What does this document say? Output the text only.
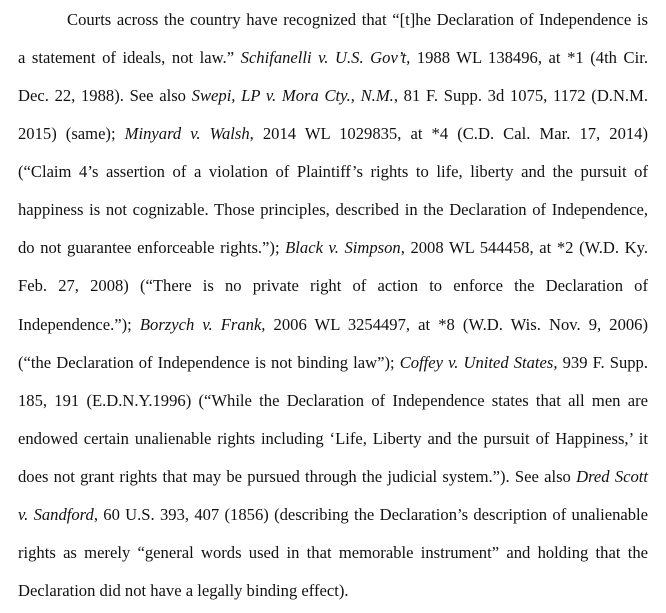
Courts across the country have recognized that “[t]he Declaration of Independence is
a statement of ideals, not law.” Schifanelli v. U.S. Gov’t, 1988 WL 138496, at *1 (4th Cir.
Dec. 22, 1988). See also Swepi, LP v. Mora Cty., N.M., 81 F. Supp. 3d 1075, 1172 (D.N.M.
2015) (same); Minyard v. Walsh, 2014 WL 1029835, at *4 (C.D. Cal. Mar. 17, 2014)
(“Claim 4’s assertion of a violation of Plaintiff’s rights to life, liberty and the pursuit of
happiness is not cognizable. Those principles, described in the Declaration of Independence,
do not guarantee enforceable rights.”); Black v. Simpson, 2008 WL 544458, at *2 (W.D. Ky.
Feb. 27, 2008) (“There is no private right of action to enforce the Declaration of
Independence.”); Borzych v. Frank, 2006 WL 3254497, at *8 (W.D. Wis. Nov. 9, 2006)
(“the Declaration of Independence is not binding law”); Coffey v. United States, 939 F. Supp.
185, 191 (E.D.N.Y.1996) (“While the Declaration of Independence states that all men are
endowed certain unalienable rights including ‘Life, Liberty and the pursuit of Happiness,’ it
does not grant rights that may be pursued through the judicial system.”). See also Dred Scott
v. Sandford, 60 U.S. 393, 407 (1856) (describing the Declaration’s description of unalienable
rights as merely “general words used in that memorable instrument” and holding that the
Declaration did not have a legally binding effect).
